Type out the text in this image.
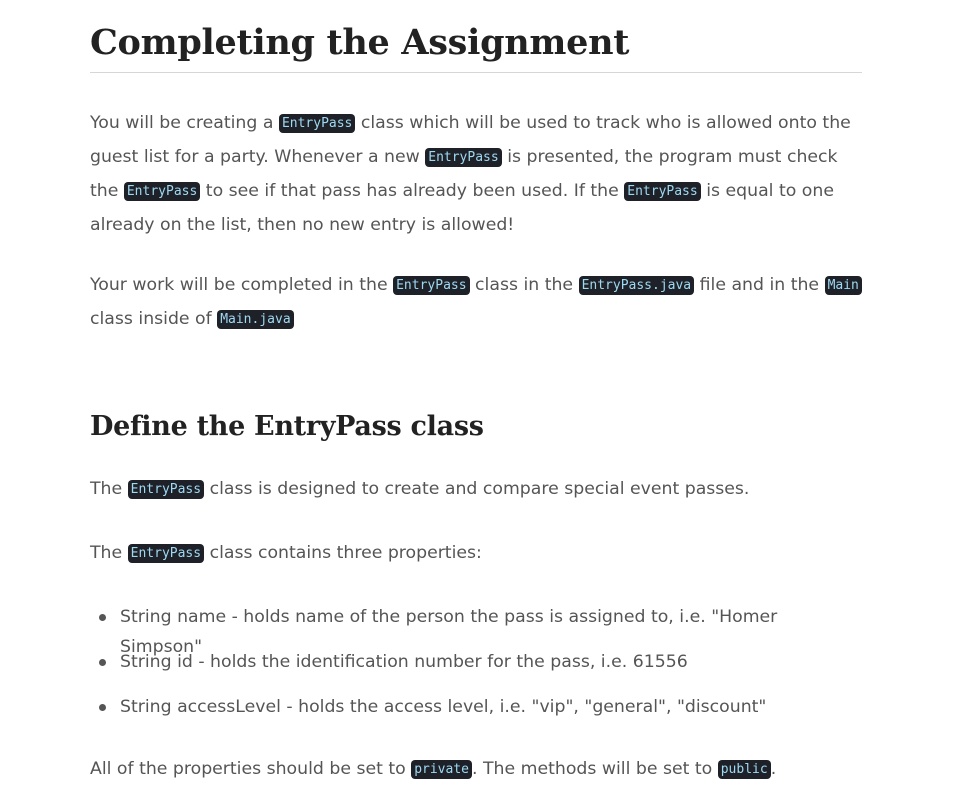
Completing the Assignment

You will be creating a EntryPass class which will be used to track who is allowed onto the guest list for a party. Whenever a new EntryPass is presented, the program must check the EntryPass to see if that pass has already been used. If the EntryPass is equal to one already on the list, then no new entry is allowed!

Your work will be completed in the EntryPass class in the EntryPass.java file and in the Main class inside of Main.java

Define the EntryPass class

The EntryPass class is designed to create and compare special event passes.

The EntryPass class contains three properties:

String name - holds name of the person the pass is assigned to, i.e. "Homer Simpson"
String id - holds the identification number for the pass, i.e. 61556
String accessLevel - holds the access level, i.e. "vip", "general", "discount"

All of the properties should be set to private . The methods will be set to public .
